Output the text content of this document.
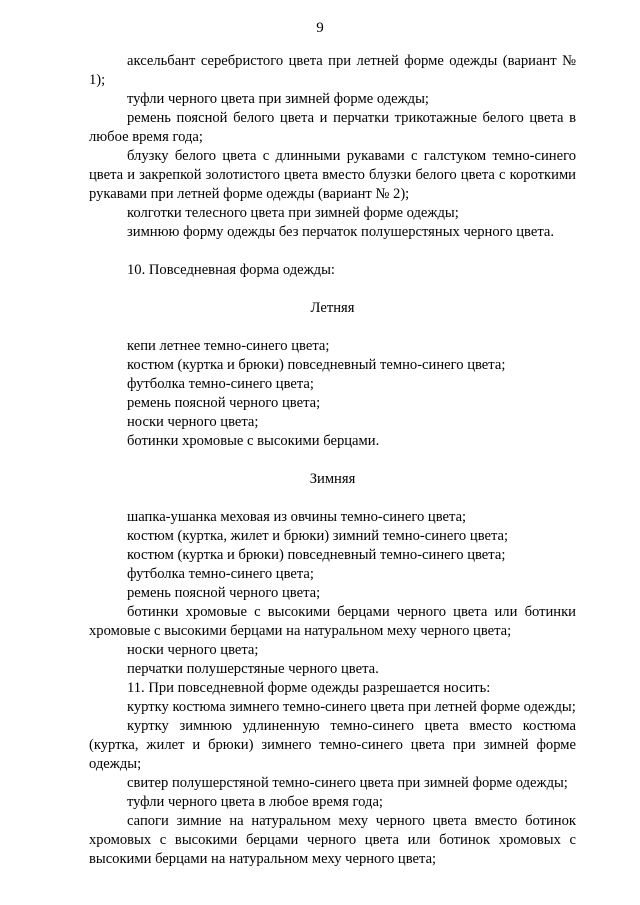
9

аксельбант серебристого цвета при летней форме одежды (вариант № 1);

туфли черного цвета при зимней форме одежды;

ремень поясной белого цвета и перчатки трикотажные белого цвета в любое время года;

блузку белого цвета с длинными рукавами с галстуком темно-синего цвета и закрепкой золотистого цвета вместо блузки белого цвета с короткими рукавами при летней форме одежды (вариант № 2);

колготки телесного цвета при зимней форме одежды;

зимнюю форму одежды без перчаток полушерстяных черного цвета.

10. Повседневная форма одежды:

Летняя

кепи летнее темно-синего цвета;

костюм (куртка и брюки) повседневный темно-синего цвета;

футболка темно-синего цвета;

ремень поясной черного цвета;

носки черного цвета;

ботинки хромовые с высокими берцами.

Зимняя

шапка-ушанка меховая из овчины темно-синего цвета;

костюм (куртка, жилет и брюки) зимний темно-синего цвета;

костюм (куртка и брюки) повседневный темно-синего цвета;

футболка темно-синего цвета;

ремень поясной черного цвета;

ботинки хромовые с высокими берцами черного цвета или ботинки хромовые с высокими берцами на натуральном меху черного цвета;

носки черного цвета;

перчатки полушерстяные черного цвета.

11. При повседневной форме одежды разрешается носить:

куртку костюма зимнего темно-синего цвета при летней форме одежды;

куртку зимнюю удлиненную темно-синего цвета вместо костюма (куртка, жилет и брюки) зимнего темно-синего цвета при зимней форме одежды;

свитер полушерстяной темно-синего цвета при зимней форме одежды;

туфли черного цвета в любое время года;

сапоги зимние на натуральном меху черного цвета вместо ботинок хромовых с высокими берцами черного цвета или ботинок хромовых с высокими берцами на натуральном меху черного цвета;
